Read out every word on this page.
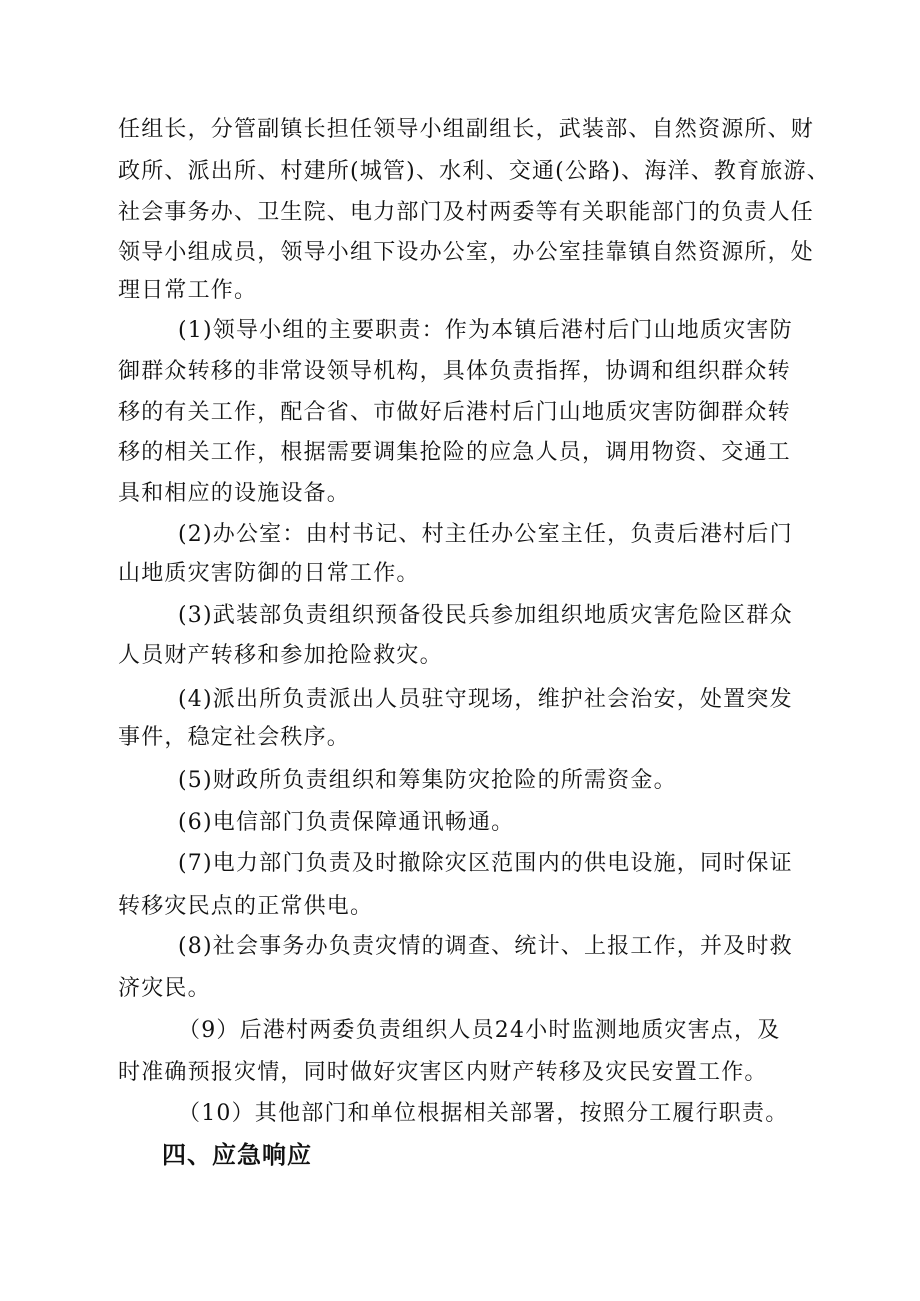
任组长，分管副镇长担任领导小组副组长，武装部、自然资源所、财
政所、派出所、村建所(城管)、水利、交通(公路)、海洋、教育旅游、
社会事务办、卫生院、电力部门及村两委等有关职能部门的负责人任
领导小组成员，领导小组下设办公室，办公室挂靠镇自然资源所，处
理日常工作。
(1)领导小组的主要职责：作为本镇后港村后门山地质灾害防
御群众转移的非常设领导机构，具体负责指挥，协调和组织群众转
移的有关工作，配合省、市做好后港村后门山地质灾害防御群众转
移的相关工作，根据需要调集抢险的应急人员，调用物资、交通工
具和相应的设施设备。
(2)办公室：由村书记、村主任办公室主任，负责后港村后门
山地质灾害防御的日常工作。
(3)武装部负责组织预备役民兵参加组织地质灾害危险区群众
人员财产转移和参加抢险救灾。
(4)派出所负责派出人员驻守现场，维护社会治安，处置突发
事件，稳定社会秩序。
(5)财政所负责组织和筹集防灾抢险的所需资金。
(6)电信部门负责保障通讯畅通。
(7)电力部门负责及时撤除灾区范围内的供电设施，同时保证
转移灾民点的正常供电。
(8)社会事务办负责灾情的调查、统计、上报工作，并及时救
济灾民。
（9）后港村两委负责组织人员24小时监测地质灾害点，及
时准确预报灾情，同时做好灾害区内财产转移及灾民安置工作。
（10）其他部门和单位根据相关部署，按照分工履行职责。
四、应急响应
